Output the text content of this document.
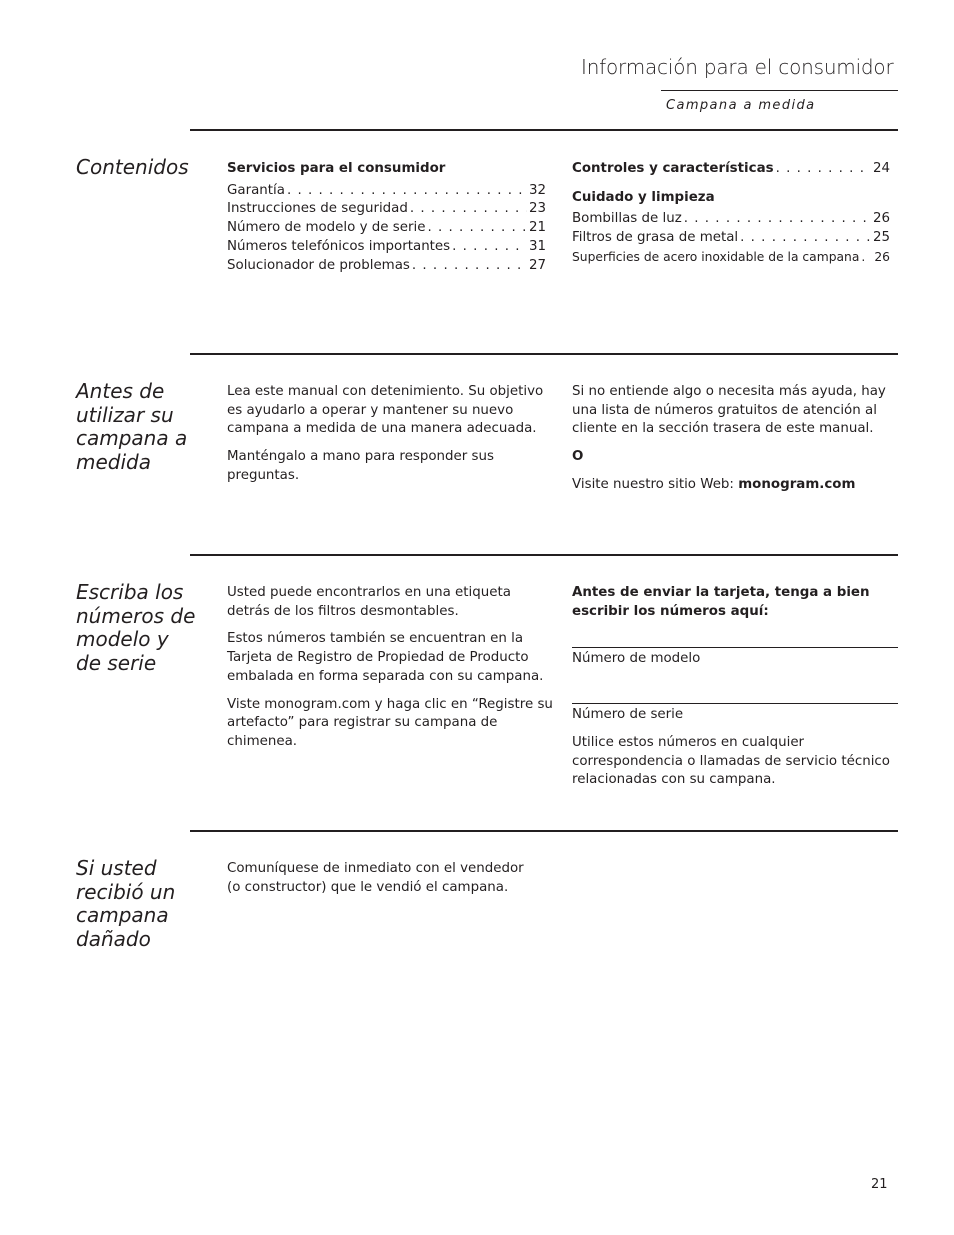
Información para el consumidor
Campana a medida
Contenidos	Servicios para el consumidor
Garantía . . .	32
Instrucciones de seguridad . . .	23
Número de modelo y de serie . . .	21
Números telefónicos importantes . . .	31
Solucionador de problemas . . .	27
Controles y características . . .	24
Cuidado y limpieza
Bombillas de luz . . .	26
Filtros de grasa de metal . . .	25
Superficies de acero inoxidable de la campana . . . 26
Antes de utilizar su campana a medida

Lea este manual con detenimiento. Su objetivo es ayudarlo a operar y mantener su nuevo campana a medida de una manera adecuada.

Manténgalo a mano para responder sus preguntas.

Si no entiende algo o necesita más ayuda, hay una lista de números gratuitos de atención al cliente en la sección trasera de este manual.

O

Visite nuestro sitio Web: monogram.com

Escriba los números de modelo y de serie

Usted puede encontrarlos en una etiqueta detrás de los filtros desmontables.

Estos números también se encuentran en la Tarjeta de Registro de Propiedad de Producto embalada en forma separada con su campana.

Viste monogram.com y haga clic en “Registre su artefacto” para registrar su campana de chimenea.

Antes de enviar la tarjeta, tenga a bien escribir los números aquí:

Número de modelo
Número de serie
Utilice estos números en cualquier correspondencia o llamadas de servicio técnico relacionadas con su campana.
Si usted recibió un campana dañado
Comuníquese de inmediato con el vendedor (o constructor) que le vendió el campana.
21
